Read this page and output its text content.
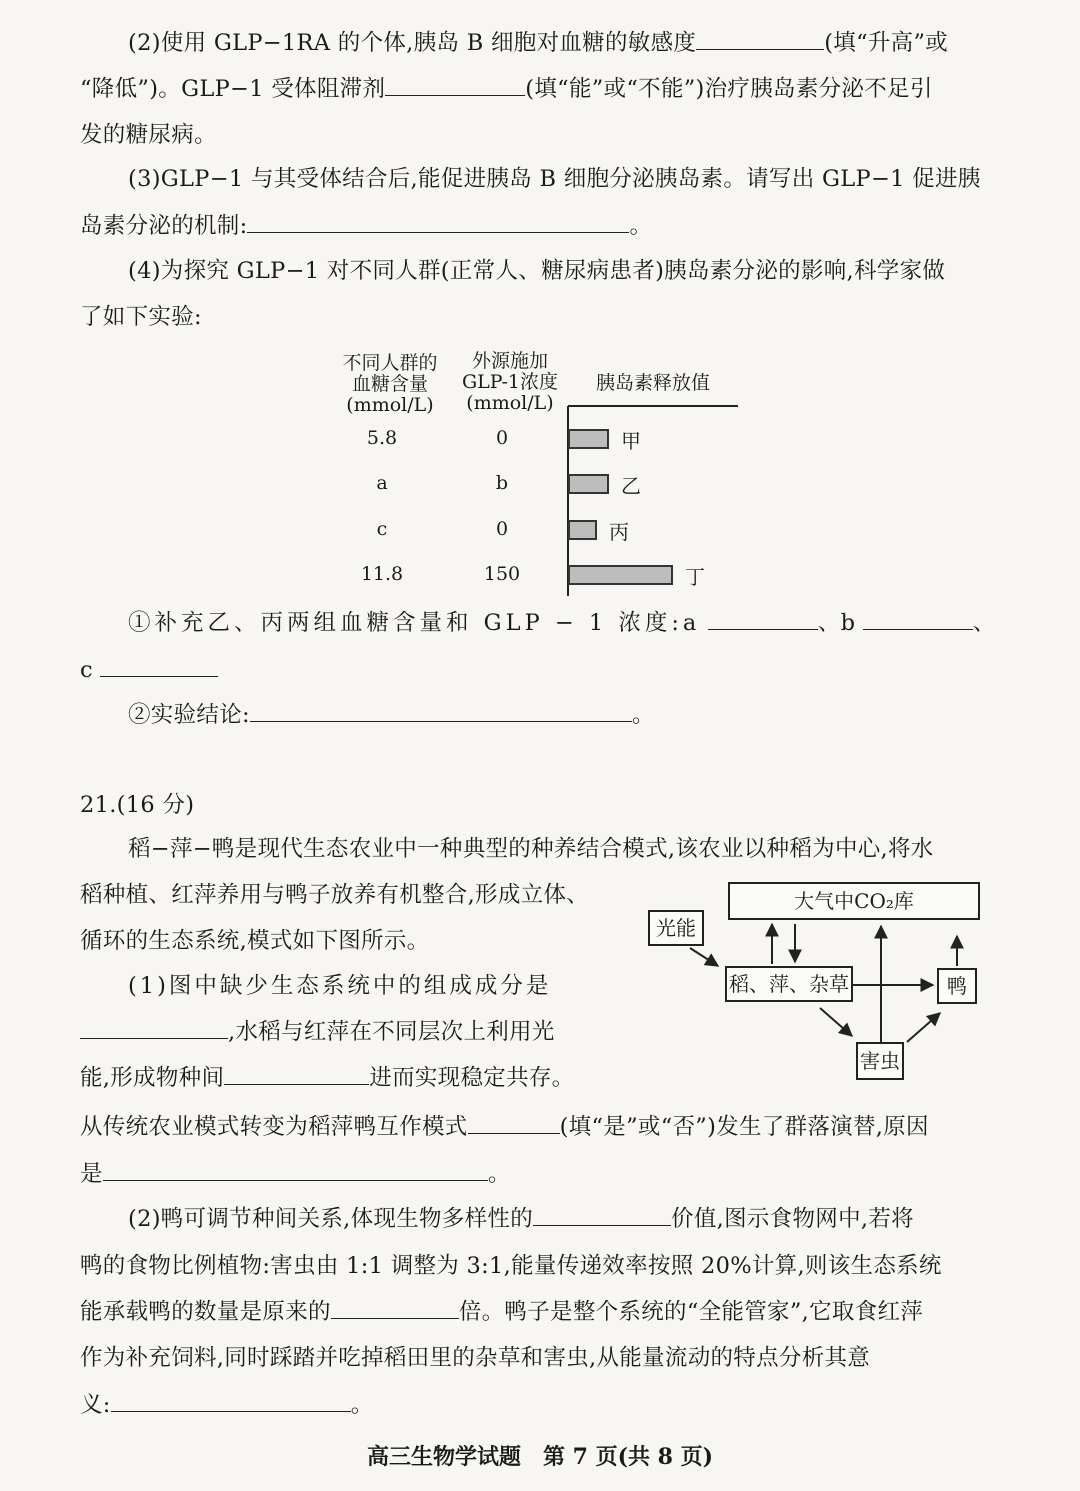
(2)使用 GLP−1RA 的个体,胰岛 B 细胞对血糖的敏感度	(填“升高”或
“降低”)。GLP−1 受体阻滞剂	(填“能”或“不能”)治疗胰岛素分泌不足引
发的糖尿病。
(3)GLP−1 与其受体结合后,能促进胰岛 B 细胞分泌胰岛素。请写出 GLP−1 促进胰
岛素分泌的机制:	。
(4)为探究 GLP−1 对不同人群(正常人、糖尿病患者)胰岛素分泌的影响,科学家做
了如下实验:
不同人群的
血糖含量
(mmol/L)
外源施加
GLP-1浓度
(mmol/L)
胰岛素释放值
5.8	0	甲
a	b	乙
c	0	丙
11.8	150	丁
①补充乙、丙两组血糖含量和 GLP − 1 浓度:a	、b	、
c
②实验结论:	。
21.(16 分)
稻−萍−鸭是现代生态农业中一种典型的种养结合模式,该农业以种稻为中心,将水
稻种植、红萍养用与鸭子放养有机整合,形成立体、
循环的生态系统,模式如下图所示。
(1)图中缺少生态系统中的组成成分是
,水稻与红萍在不同层次上利用光
能,形成物种间	进而实现稳定共存。
从传统农业模式转变为稻萍鸭互作模式	(填“是”或“否”)发生了群落演替,原因
是	。
(2)鸭可调节种间关系,体现生物多样性的	价值,图示食物网中,若将
鸭的食物比例植物:害虫由 1:1 调整为 3:1,能量传递效率按照 20%计算,则该生态系统
能承载鸭的数量是原来的	倍。鸭子是整个系统的“全能管家”,它取食红萍
作为补充饲料,同时踩踏并吃掉稻田里的杂草和害虫,从能量流动的特点分析其意
义:	。
大气中CO₂库
光能
稻、萍、杂草	鸭
害虫
高三生物学试题　第 7 页(共 8 页)
